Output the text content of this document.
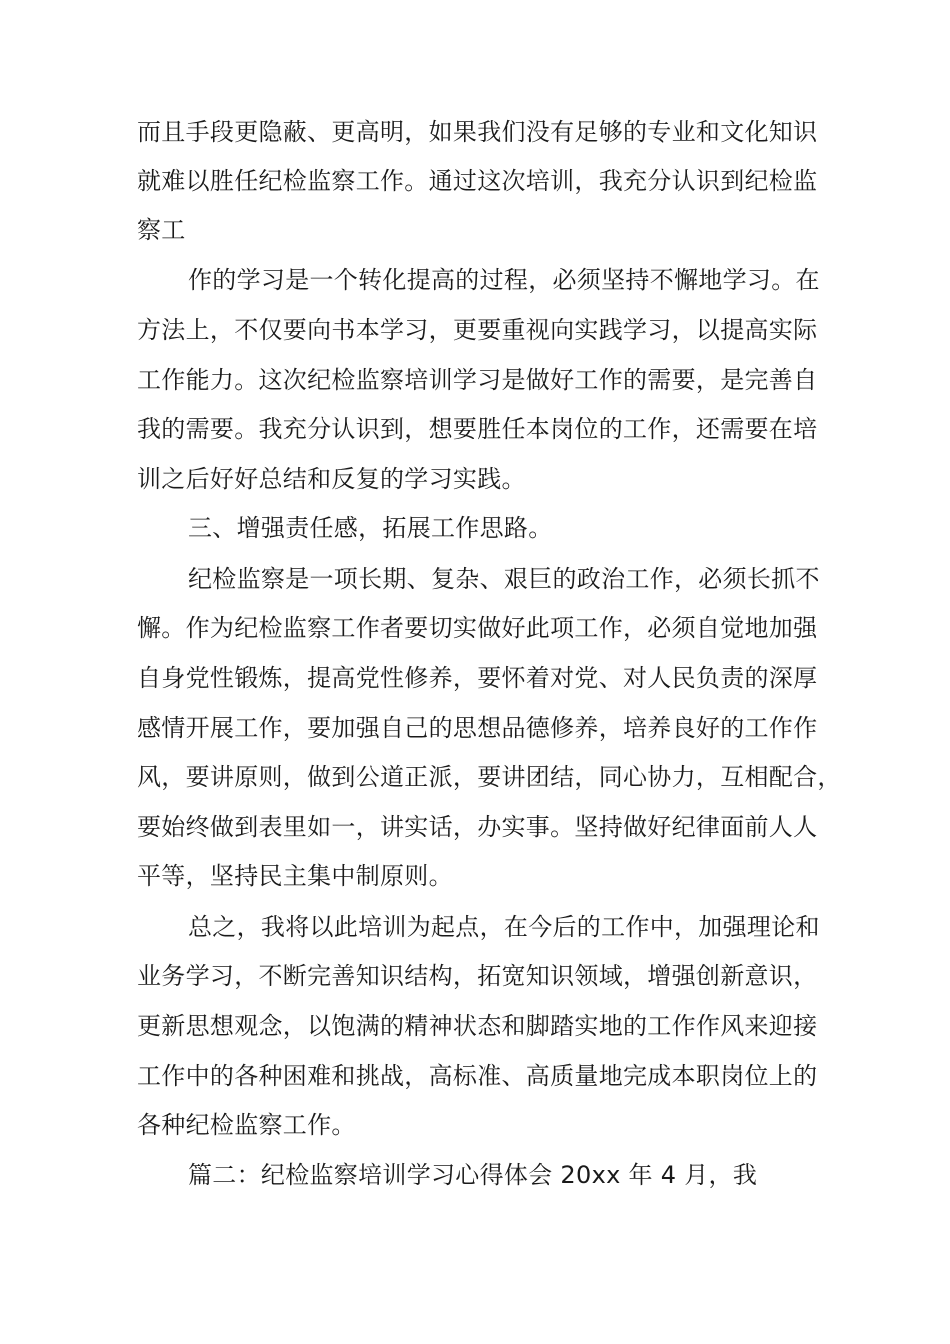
而且手段更隐蔽、更高明，如果我们没有足够的专业和文化知识
就难以胜任纪检监察工作。通过这次培训，我充分认识到纪检监
察工
作的学习是一个转化提高的过程，必须坚持不懈地学习。在
方法上，不仅要向书本学习，更要重视向实践学习，以提高实际
工作能力。这次纪检监察培训学习是做好工作的需要，是完善自
我的需要。我充分认识到，想要胜任本岗位的工作，还需要在培
训之后好好总结和反复的学习实践。
三、增强责任感，拓展工作思路。
纪检监察是一项长期、复杂、艰巨的政治工作，必须长抓不
懈。作为纪检监察工作者要切实做好此项工作，必须自觉地加强
自身党性锻炼，提高党性修养，要怀着对党、对人民负责的深厚
感情开展工作，要加强自己的思想品德修养，培养良好的工作作
风，要讲原则，做到公道正派，要讲团结，同心协力，互相配合，
要始终做到表里如一，讲实话，办实事。坚持做好纪律面前人人
平等，坚持民主集中制原则。
总之，我将以此培训为起点，在今后的工作中，加强理论和
业务学习，不断完善知识结构，拓宽知识领域，增强创新意识，
更新思想观念，以饱满的精神状态和脚踏实地的工作作风来迎接
工作中的各种困难和挑战，高标准、高质量地完成本职岗位上的
各种纪检监察工作。
篇二：纪检监察培训学习心得体会 20xx 年 4 月，我
